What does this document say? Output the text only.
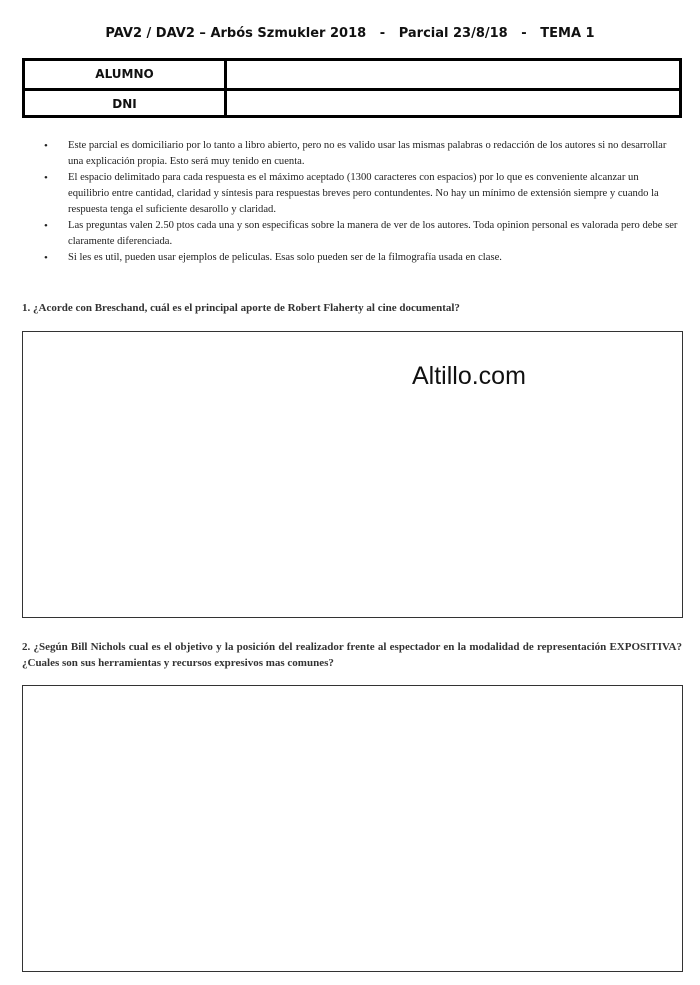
PAV2 / DAV2 – Arbós Szmukler 2018   -   Parcial 23/8/18   -   TEMA 1
ALUMNO
DNI
• Este parcial es domiciliario por lo tanto a libro abierto, pero no es valido usar las mismas palabras o redacción de los autores si no desarrollar una explicación propia. Esto será muy tenido en cuenta.
• El espacio delimitado para cada respuesta es el máximo aceptado (1300 caracteres con espacios) por lo que es conveniente alcanzar un equilibrio entre cantidad, claridad y síntesis para respuestas breves pero contundentes. No hay un mínimo de extensión siempre y cuando la respuesta tenga el suficiente desarollo y claridad.
• Las preguntas valen 2.50 ptos cada una y son especificas sobre la manera de ver de los autores. Toda opinion personal es valorada pero debe ser claramente diferenciada.
• Si les es util, pueden usar ejemplos de peliculas. Esas solo pueden ser de la filmografía usada en clase.

1. ¿Acorde con Breschand, cuál es el principal aporte de Robert Flaherty al cine documental?

Altillo.com

2. ¿Según Bill Nichols cual es el objetivo y la posición del realizador frente al espectador en la modalidad de representación EXPOSITIVA? ¿Cuales son sus herramientas y recursos expresivos mas comunes?
